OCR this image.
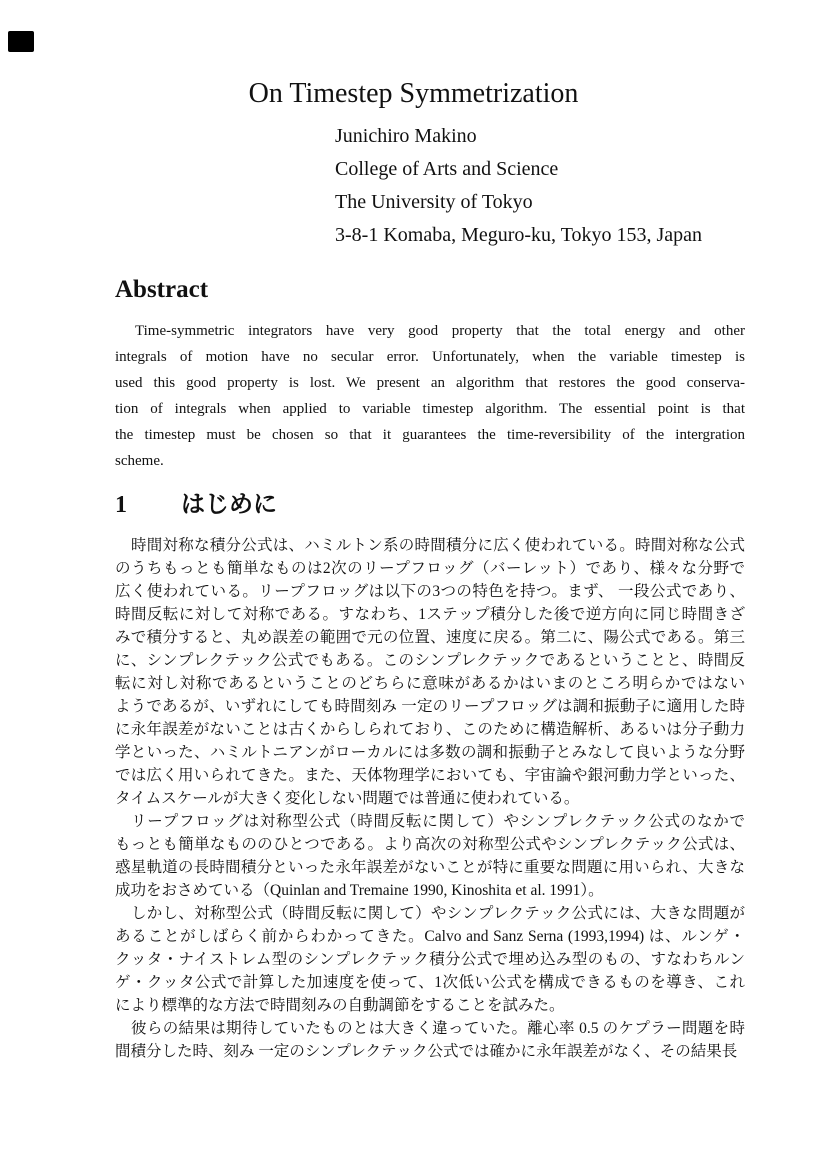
On Timestep Symmetrization
Junichiro Makino
College of Arts and Science
The University of Tokyo
3-8-1 Komaba, Meguro-ku, Tokyo 153, Japan
Abstract
Time-symmetric integrators have very good property that the total energy and other
integrals of motion have no secular error. Unfortunately, when the variable timestep is
used this good property is lost. We present an algorithm that restores the good conserva-
tion of integrals when applied to variable timestep algorithm. The essential point is that
the timestep must be chosen so that it guarantees the time-reversibility of the intergration
scheme.
1 はじめに
時間対称な積分公式は、ハミルトン系の時間積分に広く使われている。時間対称な公式
のうちもっとも簡単なものは2次のリープフロッグ（バーレット）であり、様々な分野で
広く使われている。リープフロッグは以下の3つの特色を持つ。まず、 一段公式であり、
時間反転に対して対称である。すなわち、1ステップ積分した後で逆方向に同じ時間きざ
みで積分すると、丸め誤差の範囲で元の位置、速度に戻る。第二に、陽公式である。第三
に、シンプレクテック公式でもある。このシンプレクテックであるということと、時間反
転に対し対称であるということのどちらに意味があるかはいまのところ明らかではない
ようであるが、いずれにしても時間刻み 一定のリープフロッグは調和振動子に適用した時
に永年誤差がないことは古くからしられており、このために構造解析、あるいは分子動力
学といった、ハミルトニアンがローカルには多数の調和振動子とみなして良いような分野
では広く用いられてきた。また、天体物理学においても、宇宙論や銀河動力学といった、
タイムスケールが大きく変化しない問題では普通に使われている。
リープフロッグは対称型公式（時間反転に関して）やシンプレクテック公式のなかで
もっとも簡単なもののひとつである。より高次の対称型公式やシンプレクテック公式は、
惑星軌道の長時間積分といった永年誤差がないことが特に重要な問題に用いられ、大きな
成功をおさめている（Quinlan and Tremaine 1990, Kinoshita et al. 1991）。
しかし、対称型公式（時間反転に関して）やシンプレクテック公式には、大きな問題が
あることがしばらく前からわかってきた。Calvo and Sanz Serna (1993,1994) は、ルンゲ・
クッタ・ナイストレム型のシンプレクテック積分公式で埋め込み型のもの、すなわちルン
ゲ・クッタ公式で計算した加速度を使って、1次低い公式を構成できるものを導き、これ
により標準的な方法で時間刻みの自動調節をすることを試みた。
彼らの結果は期待していたものとは大きく違っていた。離心率 0.5 のケプラー問題を時
間積分した時、刻み 一定のシンプレクテック公式では確かに永年誤差がなく、その結果長
